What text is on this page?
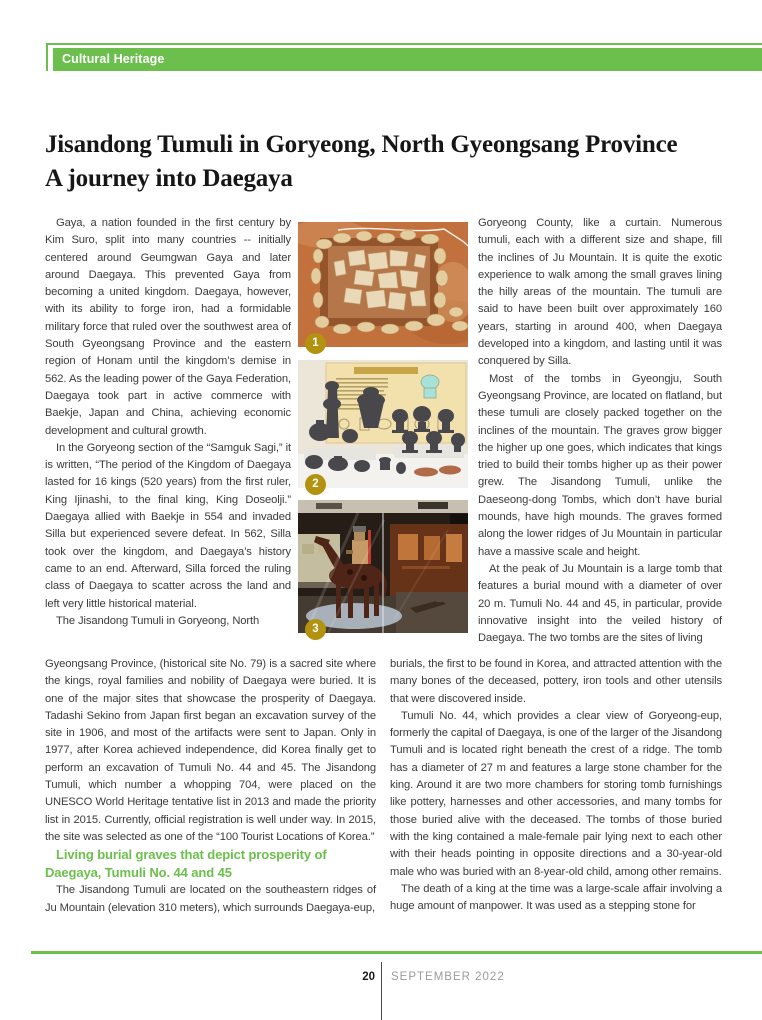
Cultural Heritage
Jisandong Tumuli in Goryeong, North Gyeongsang Province
A journey into Daegaya

Gaya, a nation founded in the first century by Kim Suro, split into many countries -- initially centered around Geumgwan Gaya and later around Daegaya. This prevented Gaya from becoming a united kingdom. Daegaya, however, with its ability to forge iron, had a formidable military force that ruled over the southwest area of South Gyeongsang Province and the eastern region of Honam until the kingdom’s demise in 562. As the leading power of the Gaya Federation, Daegaya took part in active commerce with Baekje, Japan and China, achieving economic development and cultural growth.

In the Goryeong section of the “Samguk Sagi,” it is written, “The period of the Kingdom of Daegaya lasted for 16 kings (520 years) from the first ruler, King Ijinashi, to the final king, King Doseolji.” Daegaya allied with Baekje in 554 and invaded Silla but experienced severe defeat. In 562, Silla took over the kingdom, and Daegaya’s history came to an end. Afterward, Silla forced the ruling class of Daegaya to scatter across the land and left very little historical material.

The Jisandong Tumuli in Goryeong, North

Goryeong County, like a curtain. Numerous tumuli, each with a different size and shape, fill the inclines of Ju Mountain. It is quite the exotic experience to walk among the small graves lining the hilly areas of the mountain. The tumuli are said to have been built over approximately 160 years, starting in around 400, when Daegaya developed into a kingdom, and lasting until it was conquered by Silla.

Most of the tombs in Gyeongju, South Gyeongsang Province, are located on flatland, but these tumuli are closely packed together on the inclines of the mountain. The graves grow bigger the higher up one goes, which indicates that kings tried to build their tombs higher up as their power grew. The Jisandong Tumuli, unlike the Daeseong-dong Tombs, which don’t have burial mounds, have high mounds. The graves formed along the lower ridges of Ju Mountain in particular have a massive scale and height.

At the peak of Ju Mountain is a large tomb that features a burial mound with a diameter of over 20 m. Tumuli No. 44 and 45, in particular, provide innovative insight into the veiled history of Daegaya. The two tombs are the sites of living

Gyeongsang Province, (historical site No. 79) is a sacred site where the kings, royal families and nobility of Daegaya were buried. It is one of the major sites that showcase the prosperity of Daegaya. Tadashi Sekino from Japan first began an excavation survey of the site in 1906, and most of the artifacts were sent to Japan. Only in 1977, after Korea achieved independence, did Korea finally get to perform an excavation of Tumuli No. 44 and 45. The Jisandong Tumuli, which number a whopping 704, were placed on the UNESCO World Heritage tentative list in 2013 and made the priority list in 2015. Currently, official registration is well under way. In 2015, the site was selected as one of the “100 Tourist Locations of Korea.”

Living burial graves that depict prosperity of Daegaya, Tumuli No. 44 and 45

The Jisandong Tumuli are located on the southeastern ridges of Ju Mountain (elevation 310 meters), which surrounds Daegaya-eup,

burials, the first to be found in Korea, and attracted attention with the many bones of the deceased, pottery, iron tools and other utensils that were discovered inside.

Tumuli No. 44, which provides a clear view of Goryeong-eup, formerly the capital of Daegaya, is one of the larger of the Jisandong Tumuli and is located right beneath the crest of a ridge. The tomb has a diameter of 27 m and features a large stone chamber for the king. Around it are two more chambers for storing tomb furnishings like pottery, harnesses and other accessories, and many tombs for those buried alive with the deceased. The tombs of those buried with the king contained a male-female pair lying next to each other with their heads pointing in opposite directions and a 30-year-old male who was buried with an 8-year-old child, among other remains.

The death of a king at the time was a large-scale affair involving a huge amount of manpower. It was used as a stepping stone for

1
2
3
20 SEPTEMBER 2022
